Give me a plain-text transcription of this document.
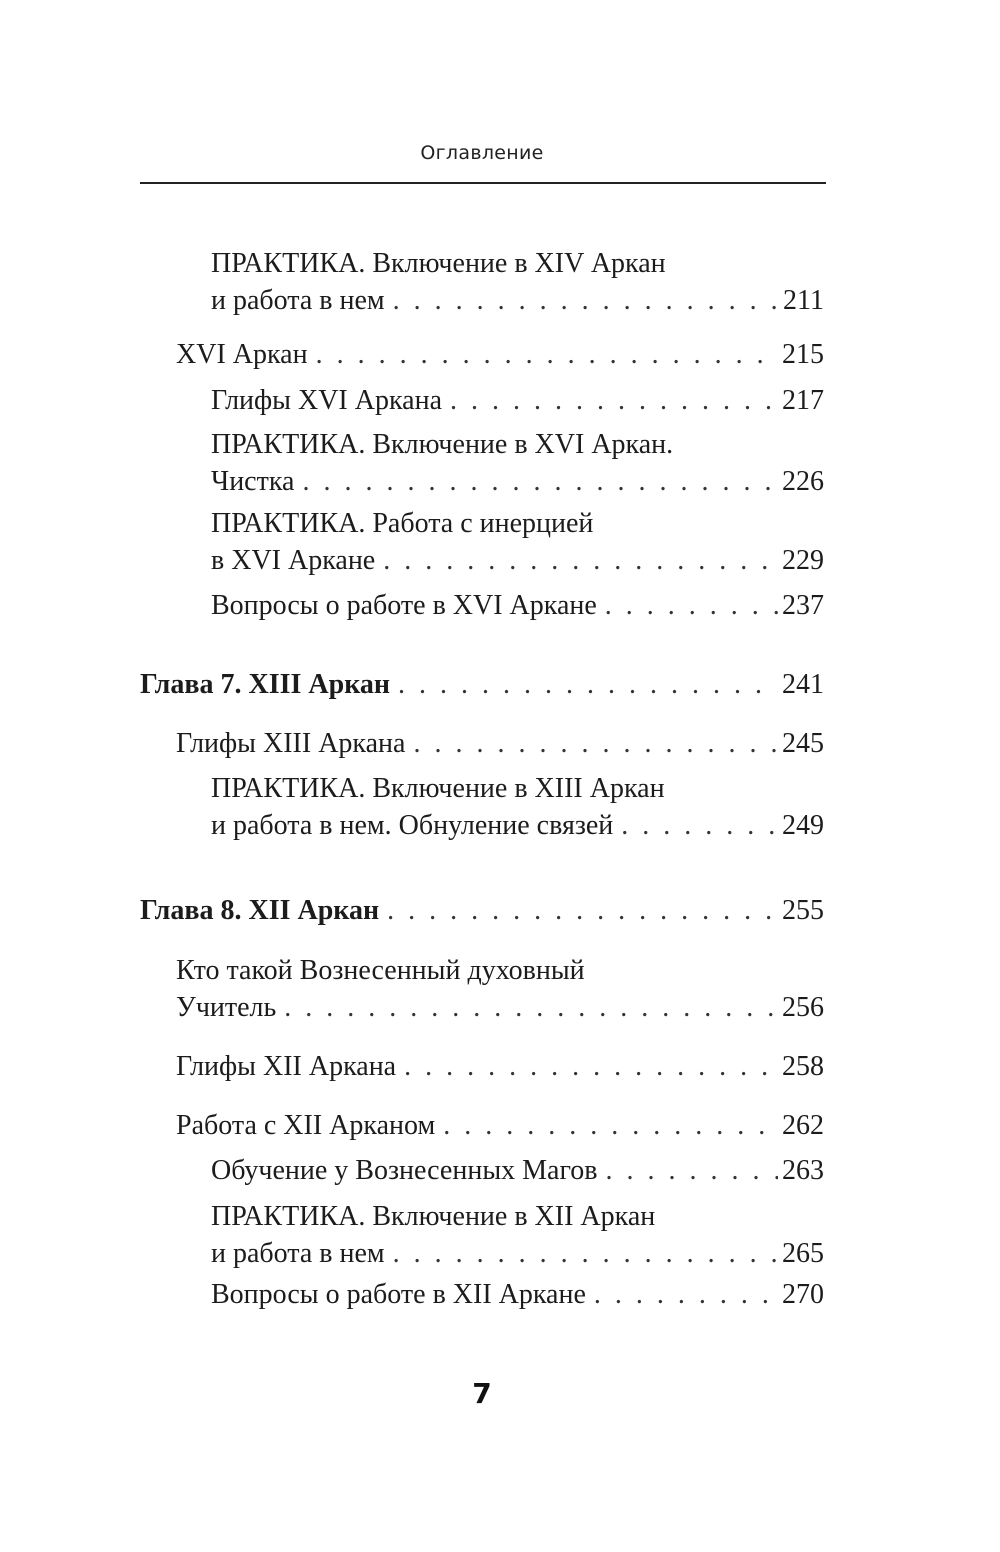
Оглавление
ПРАКТИКА. Включение в XIV Аркан
и работа в нем . . .	211
XVI Аркан . . .	215
Глифы XVI Аркана . . .	217
ПРАКТИКА. Включение в XVI Аркан.
Чистка . . .	226
ПРАКТИКА. Работа с инерцией
в XVI Аркане . . .	229
Вопросы о работе в XVI Аркане . . .	237
Глава 7. XIII Аркан . . .	241
Глифы XIII Аркана . . .	245
ПРАКТИКА. Включение в XIII Аркан
и работа в нем. Обнуление связей . . .	249
Глава 8. XII Аркан . . .	255
Кто такой Вознесенный духовный
Учитель . . .	256
Глифы XII Аркана . . .	258
Работа с XII Арканом . . .	262
Обучение у Вознесенных Магов . . .	263
ПРАКТИКА. Включение в XII Аркан
и работа в нем . . .	265
Вопросы о работе в XII Аркане . . .	270
7
